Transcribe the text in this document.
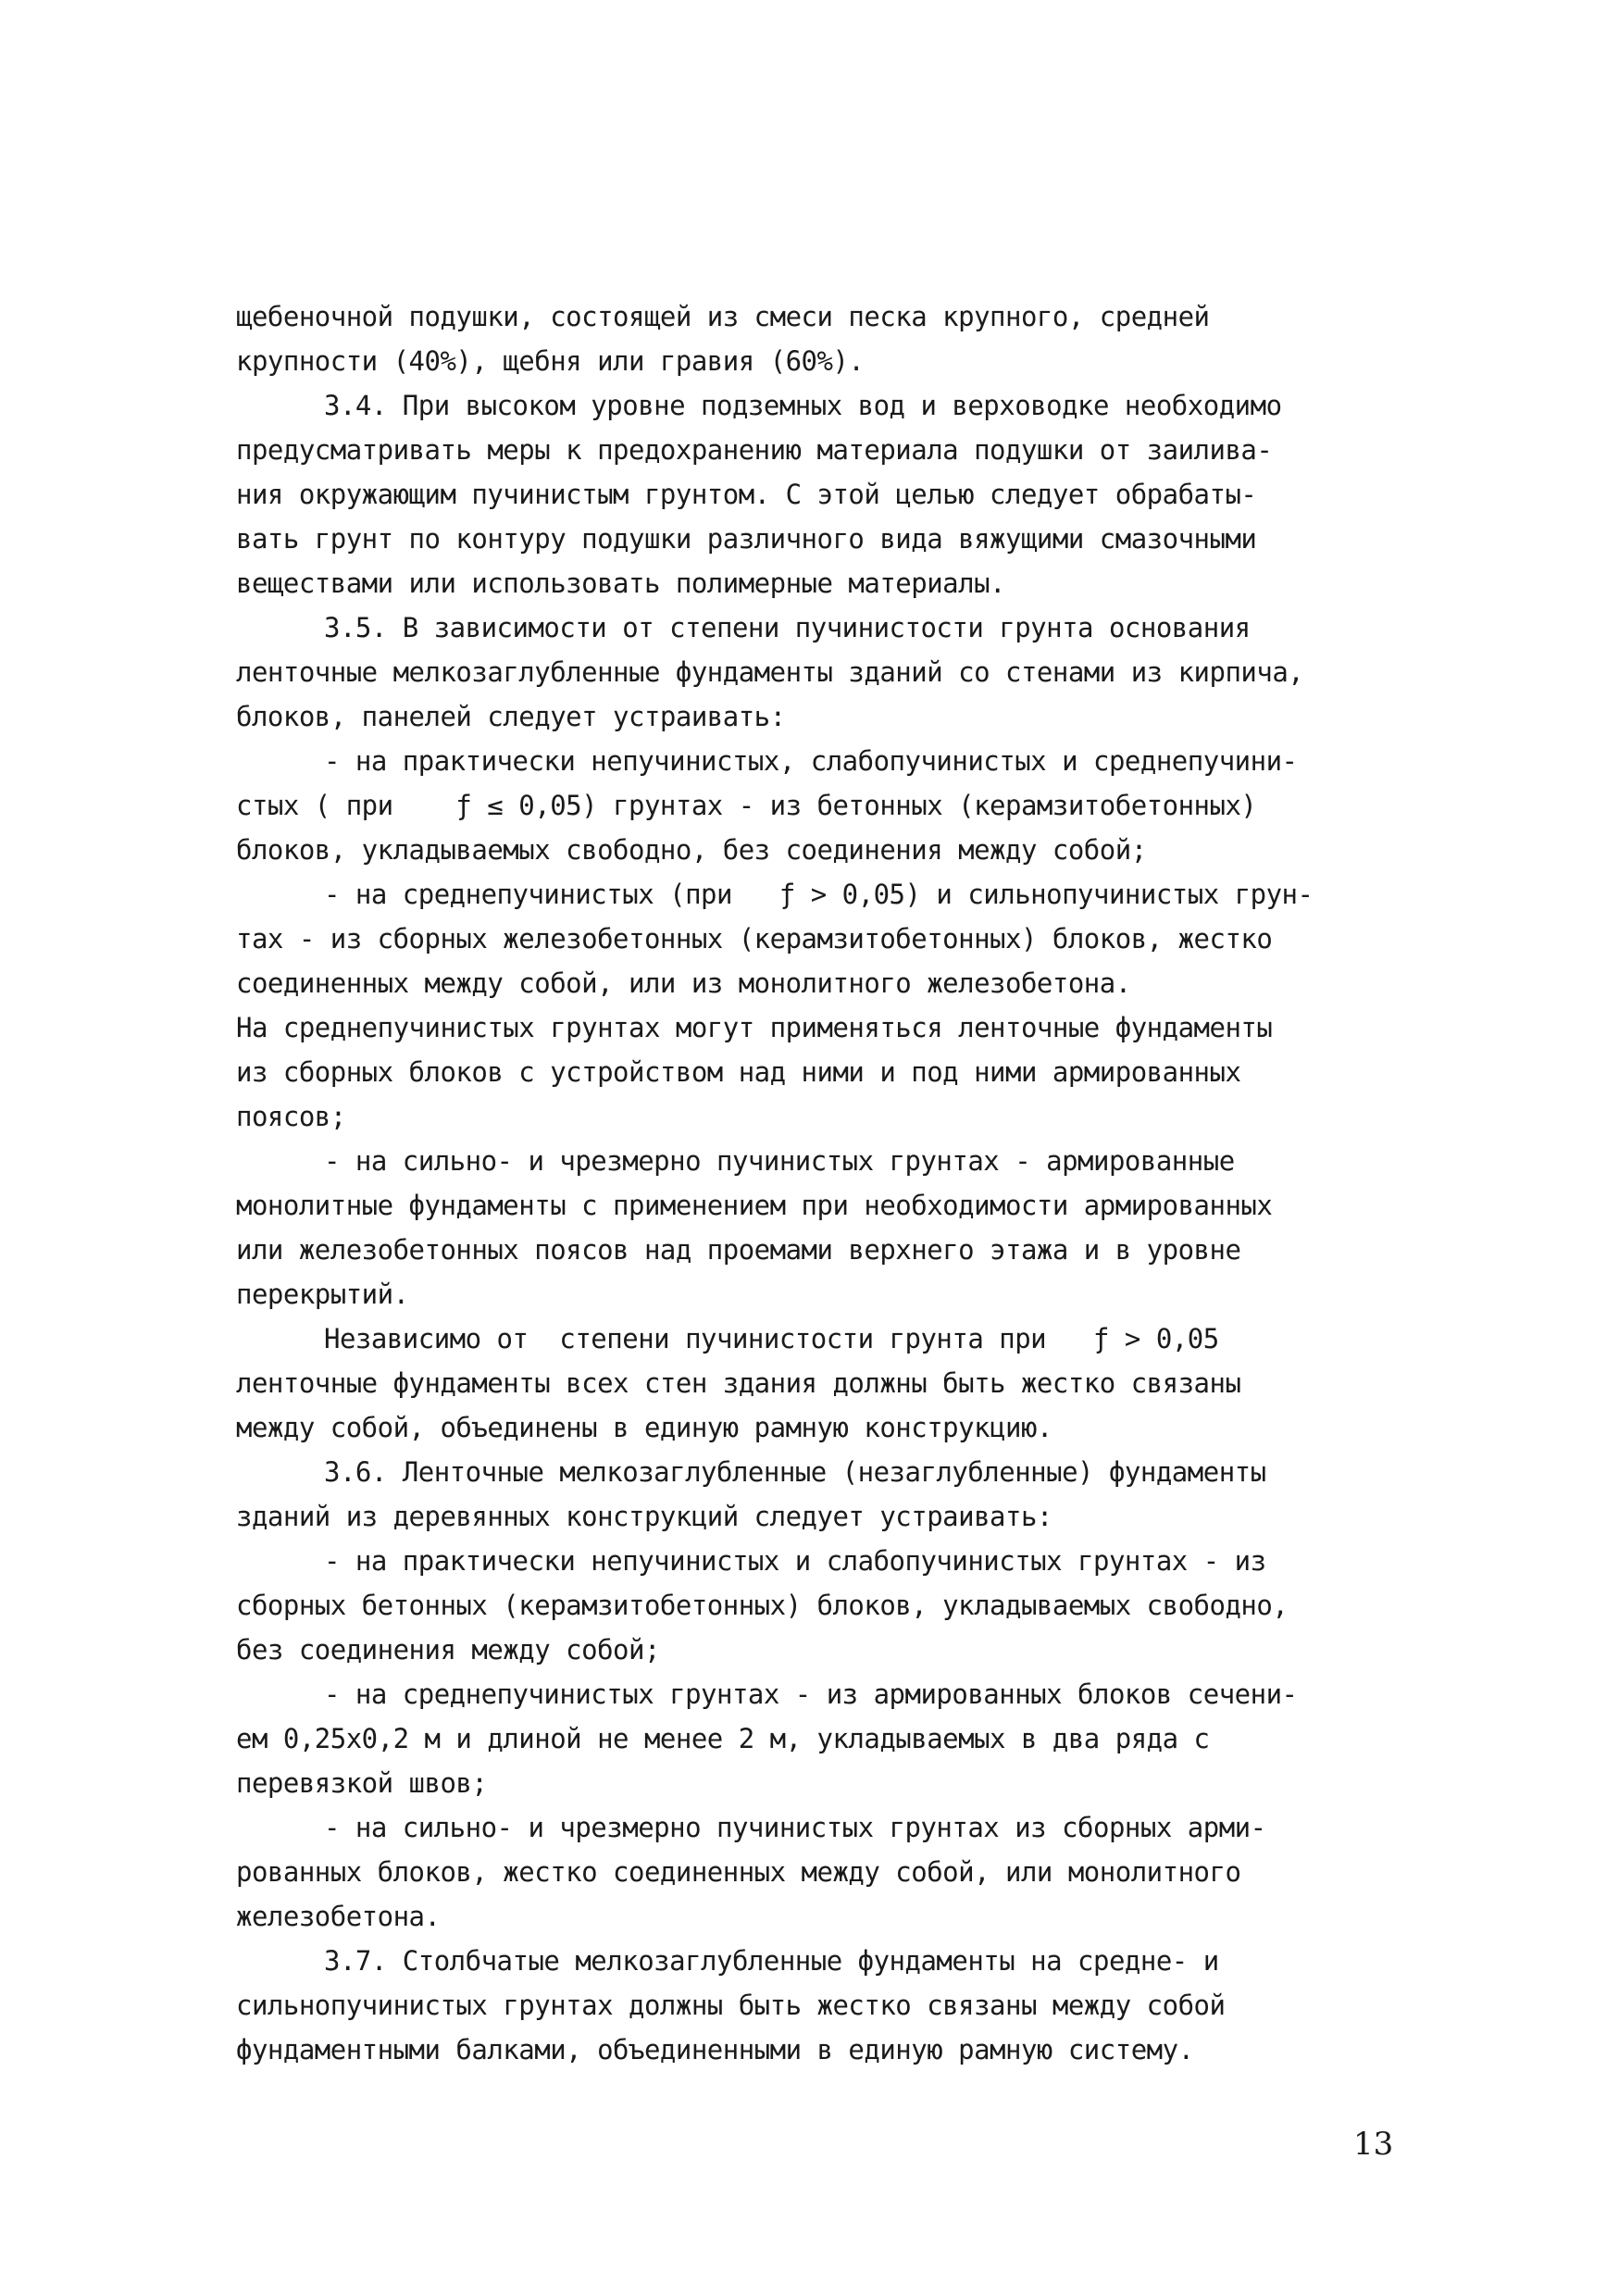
щебеночной подушки, состоящей из смеси песка крупного, средней
крупности (40%), щебня или гравия (60%).
3.4. При высоком уровне подземных вод и верховодке необходимо
предусматривать меры к предохранению материала подушки от заилива-
ния окружающим пучинистым грунтом. С этой целью следует обрабаты-
вать грунт по контуру подушки различного вида вяжущими смазочными
веществами или использовать полимерные материалы.
3.5. В зависимости от степени пучинистости грунта основания
ленточные мелкозаглубленные фундаменты зданий со стенами из кирпича,
блоков, панелей следует устраивать:
- на практически непучинистых, слабопучинистых и среднепучини-
стых ( при    ƒ ≤ 0,05) грунтах - из бетонных (керамзитобетонных)
блоков, укладываемых свободно, без соединения между собой;
- на среднепучинистых (при   ƒ > 0,05) и сильнопучинистых грун-
тах - из сборных железобетонных (керамзитобетонных) блоков, жестко
соединенных между собой, или из монолитного железобетона.
На среднепучинистых грунтах могут применяться ленточные фундаменты
из сборных блоков с устройством над ними и под ними армированных
поясов;
- на сильно- и чрезмерно пучинистых грунтах - армированные
монолитные фундаменты с применением при необходимости армированных
или железобетонных поясов над проемами верхнего этажа и в уровне
перекрытий.
Независимо от  степени пучинистости грунта при   ƒ > 0,05
ленточные фундаменты всех стен здания должны быть жестко связаны
между собой, объединены в единую рамную конструкцию.
3.6. Ленточные мелкозаглубленные (незаглубленные) фундаменты
зданий из деревянных конструкций следует устраивать:
- на практически непучинистых и слабопучинистых грунтах - из
сборных бетонных (керамзитобетонных) блоков, укладываемых свободно,
без соединения между собой;
- на среднепучинистых грунтах - из армированных блоков сечени-
ем 0,25х0,2 м и длиной не менее 2 м, укладываемых в два ряда с
перевязкой швов;
- на сильно- и чрезмерно пучинистых грунтах из сборных арми-
рованных блоков, жестко соединенных между собой, или монолитного
железобетона.
3.7. Столбчатые мелкозаглубленные фундаменты на средне- и
сильнопучинистых грунтах должны быть жестко связаны между собой
фундаментными балками, объединенными в единую рамную систему.
13
